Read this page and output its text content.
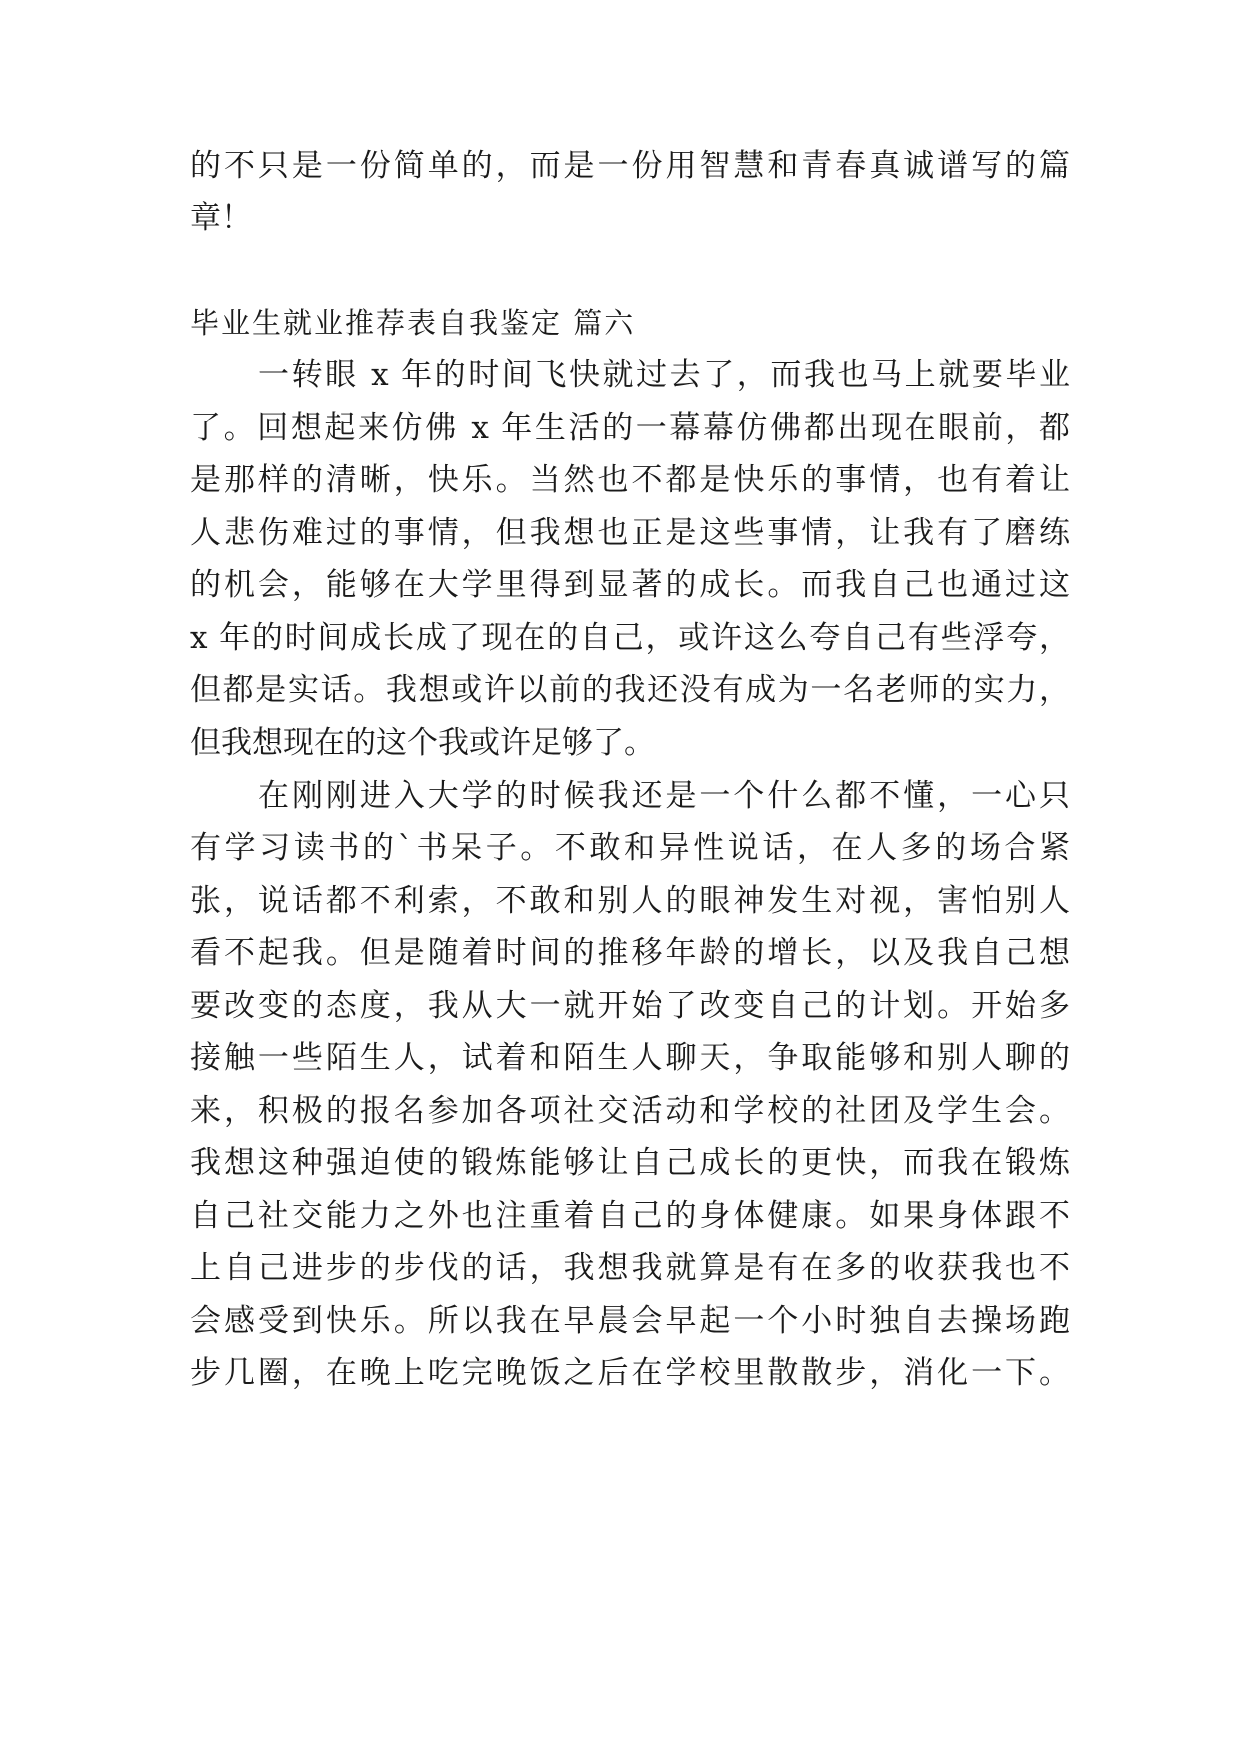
的不只是一份简单的，而是一份用智慧和青春真诚谱写的篇
章！
毕业生就业推荐表自我鉴定 篇六
一转眼 x 年的时间飞快就过去了，而我也马上就要毕业
了。回想起来仿佛 x 年生活的一幕幕仿佛都出现在眼前，都
是那样的清晰，快乐。当然也不都是快乐的事情，也有着让
人悲伤难过的事情，但我想也正是这些事情，让我有了磨练
的机会，能够在大学里得到显著的成长。而我自己也通过这
x 年的时间成长成了现在的自己，或许这么夸自己有些浮夸，
但都是实话。我想或许以前的我还没有成为一名老师的实力，
但我想现在的这个我或许足够了。
在刚刚进入大学的时候我还是一个什么都不懂，一心只
有学习读书的`书呆子。不敢和异性说话，在人多的场合紧
张，说话都不利索，不敢和别人的眼神发生对视，害怕别人
看不起我。但是随着时间的推移年龄的增长，以及我自己想
要改变的态度，我从大一就开始了改变自己的计划。开始多
接触一些陌生人，试着和陌生人聊天，争取能够和别人聊的
来，积极的报名参加各项社交活动和学校的社团及学生会。
我想这种强迫使的锻炼能够让自己成长的更快，而我在锻炼
自己社交能力之外也注重着自己的身体健康。如果身体跟不
上自己进步的步伐的话，我想我就算是有在多的收获我也不
会感受到快乐。所以我在早晨会早起一个小时独自去操场跑
步几圈，在晚上吃完晚饭之后在学校里散散步，消化一下。
